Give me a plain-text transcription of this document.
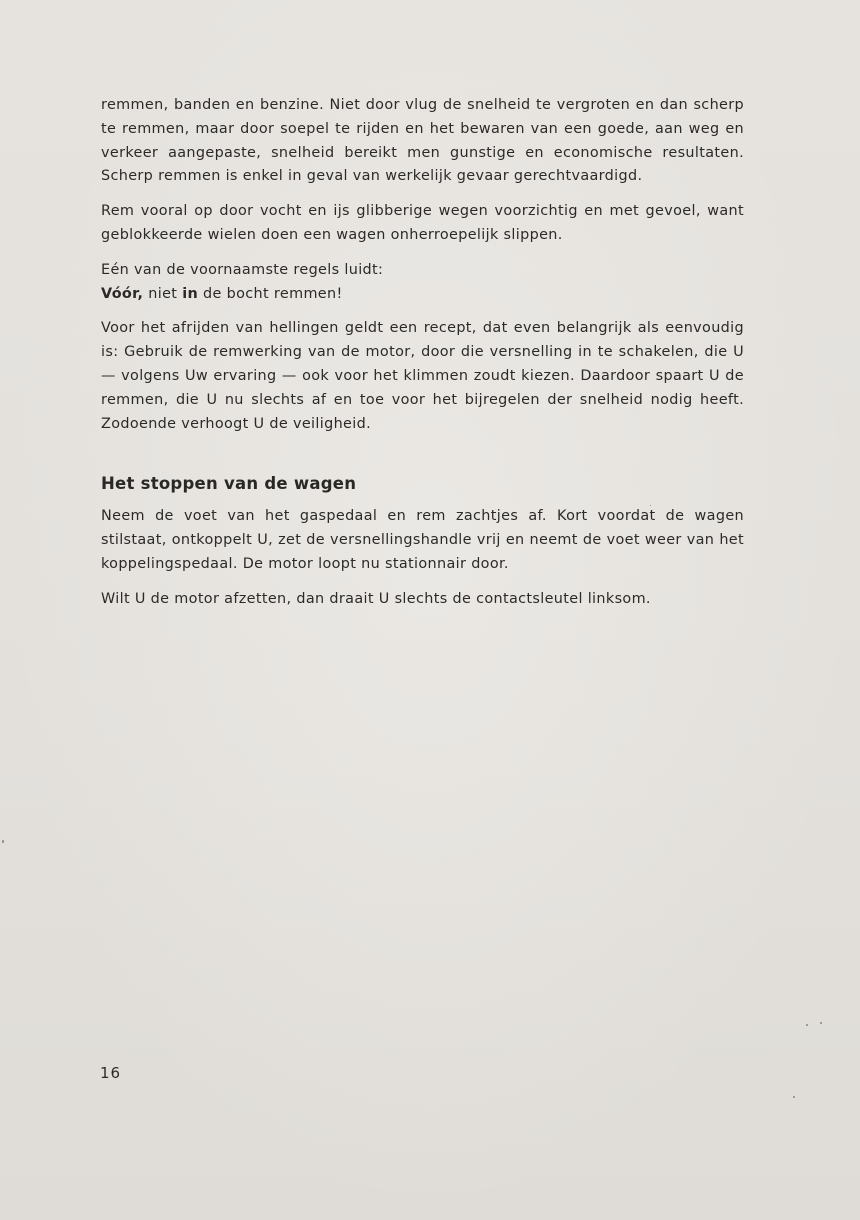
remmen, banden en benzine. Niet door vlug de snelheid te vergroten en dan scherp te remmen, maar door soepel te rijden en het bewaren van een goede, aan weg en verkeer aangepaste, snelheid bereikt men gunstige en economische resultaten. Scherp remmen is enkel in geval van werkelijk gevaar gerechtvaardigd.

Rem vooral op door vocht en ijs glibberige wegen voorzichtig en met gevoel, want geblokkeerde wielen doen een wagen onherroepelijk slippen.

Eén van de voornaamste regels luidt:
Vóór, niet in de bocht remmen!

Voor het afrijden van hellingen geldt een recept, dat even belangrijk als eenvoudig is: Gebruik de remwerking van de motor, door die versnelling in te schakelen, die U — volgens Uw ervaring — ook voor het klimmen zoudt kiezen. Daardoor spaart U de remmen, die U nu slechts af en toe voor het bijregelen der snelheid nodig heeft. Zodoende verhoogt U de veiligheid.

Het stoppen van de wagen

Neem de voet van het gaspedaal en rem zachtjes af. Kort voordat de wagen stilstaat, ontkoppelt U, zet de versnellingshandle vrij en neemt de voet weer van het koppelingspedaal. De motor loopt nu stationnair door.

Wilt U de motor afzetten, dan draait U slechts de contactsleutel linksom.

16
